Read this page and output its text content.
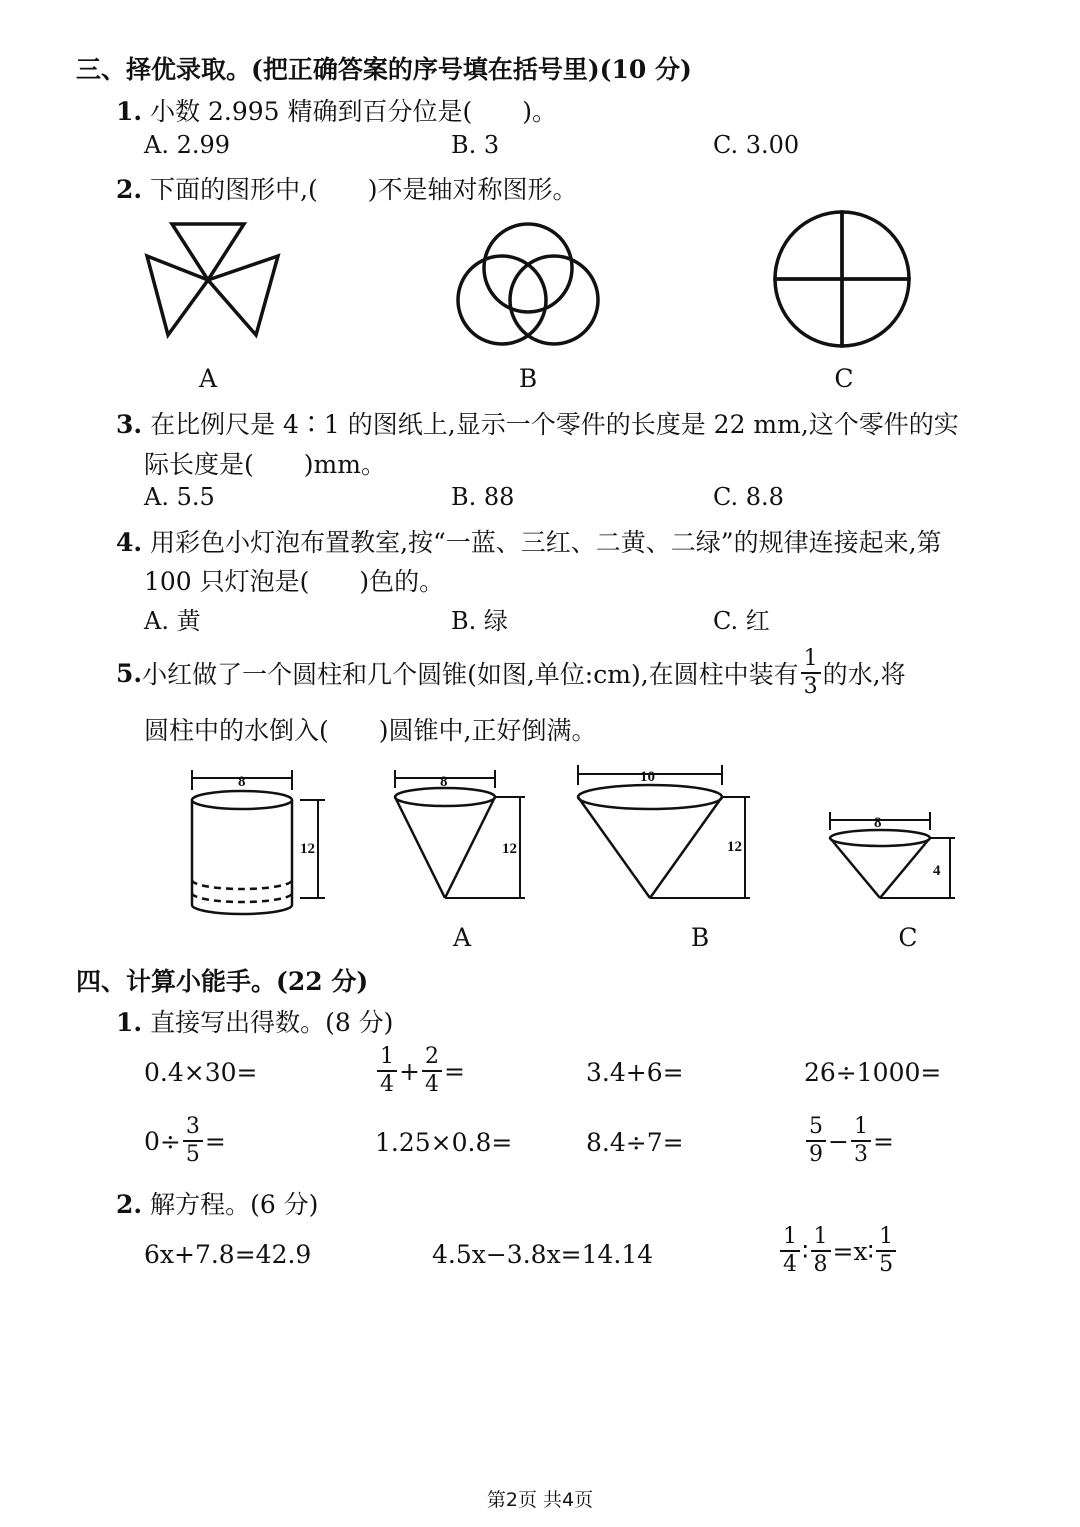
三、择优录取。(把正确答案的序号填在括号里)(10 分)
1. 小数 2.995 精确到百分位是(　　)。
A. 2.99	B. 3	C. 3.00
2. 下面的图形中,(　　)不是轴对称图形。
A	B	C
3. 在比例尺是 4∶1 的图纸上,显示一个零件的长度是 22 mm,这个零件的实
际长度是(　　)mm。
A. 5.5	B. 88	C. 8.8
4. 用彩色小灯泡布置教室,按“一蓝、三红、二黄、二绿”的规律连接起来,第
100 只灯泡是(　　)色的。
A. 黄	B. 绿	C. 红
5. 小红做了一个圆柱和几个圆锥(如图,单位:cm),在圆柱中装有 $\frac{1}{3}$ 的水,将
圆柱中的水倒入(　　)圆锥中,正好倒满。
8
12
8
12
10
12
8
4
A	B	C
四、计算小能手。(22 分)
1. 直接写出得数。(8 分)
0.4×30=	$\frac{1}{4} + \frac{2}{4}$ =	3.4+6=	26÷1000=
$0\div \frac{3}{5}$ =	1.25×0.8=	8.4÷7=	$\frac{5}{9} - \frac{1}{3}$ =
2. 解方程。(6 分)
6x+7.8=42.9	4.5x−3.8x=14.14	$\frac{1}{4}$ ∶ $\frac{1}{8}$ =x∶ $\frac{1}{5}$
第2页 共4页
